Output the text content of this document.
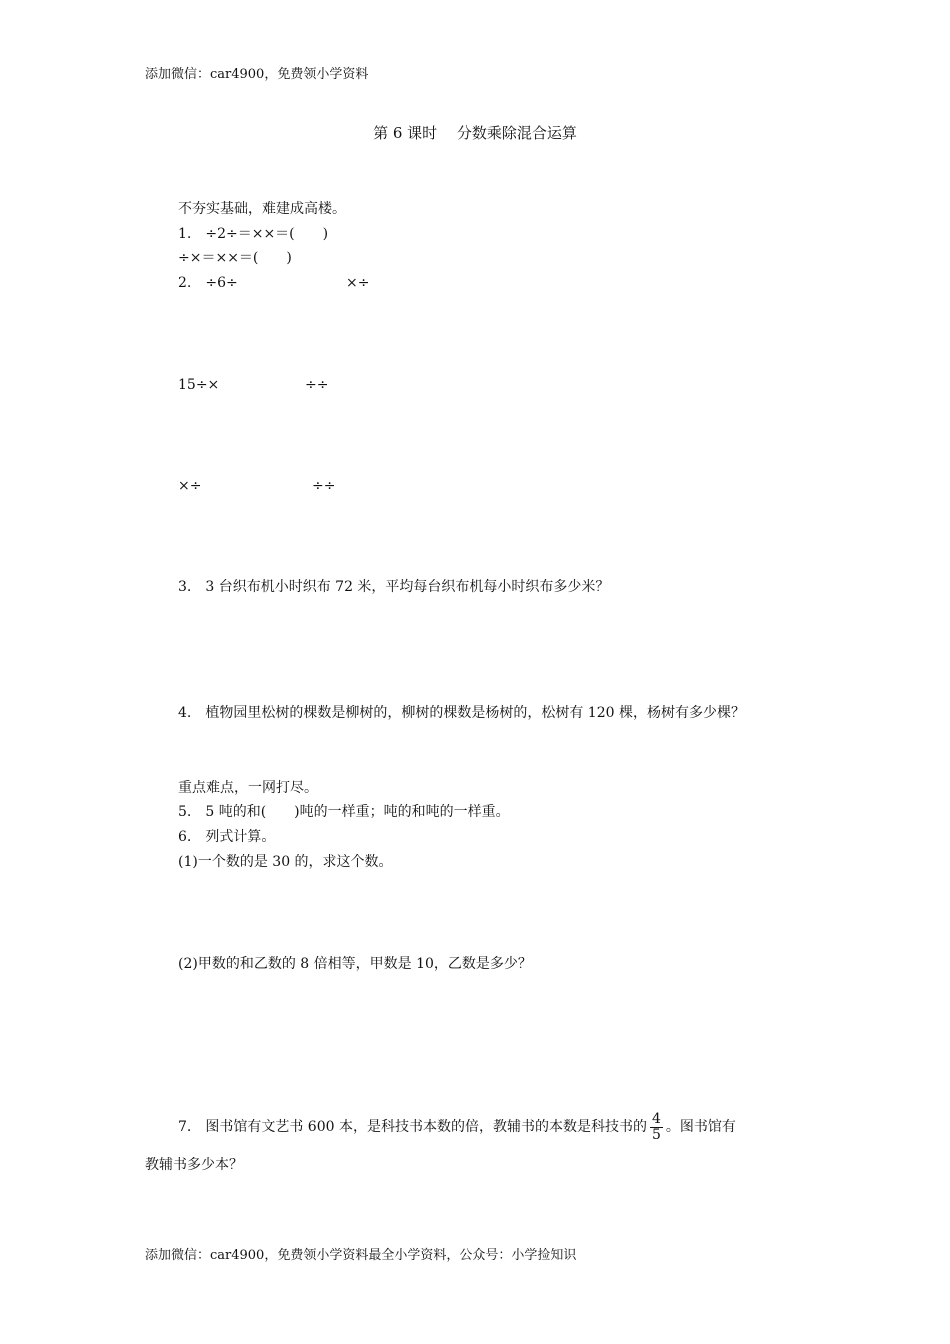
添加微信：car4900，免费领小学资料
第 6 课时　 分数乘除混合运算
不夯实基础，难建成高楼。
1.　÷2÷＝××＝(　　)
÷×＝××＝(　　)
2.　÷6÷	×÷
15÷×	÷÷
×÷	÷÷
3.　3 台织布机小时织布 72 米，平均每台织布机每小时织布多少米？
4.　植物园里松树的棵数是柳树的，柳树的棵数是杨树的，松树有 120 棵，杨树有多少棵？
重点难点，一网打尽。
5.　5 吨的和(　　)吨的一样重；吨的和吨的一样重。
6.　列式计算。
(1)一个数的是 30 的，求这个数。
(2)甲数的和乙数的 8 倍相等，甲数是 10，乙数是多少？
7.　图书馆有文艺书 600 本，是科技书本数的倍，教辅书的本数是科技书的 $\frac{4}{5}$ 。图书馆有
教辅书多少本？
添加微信：car4900，免费领小学资料最全小学资料，公众号：小学捡知识
